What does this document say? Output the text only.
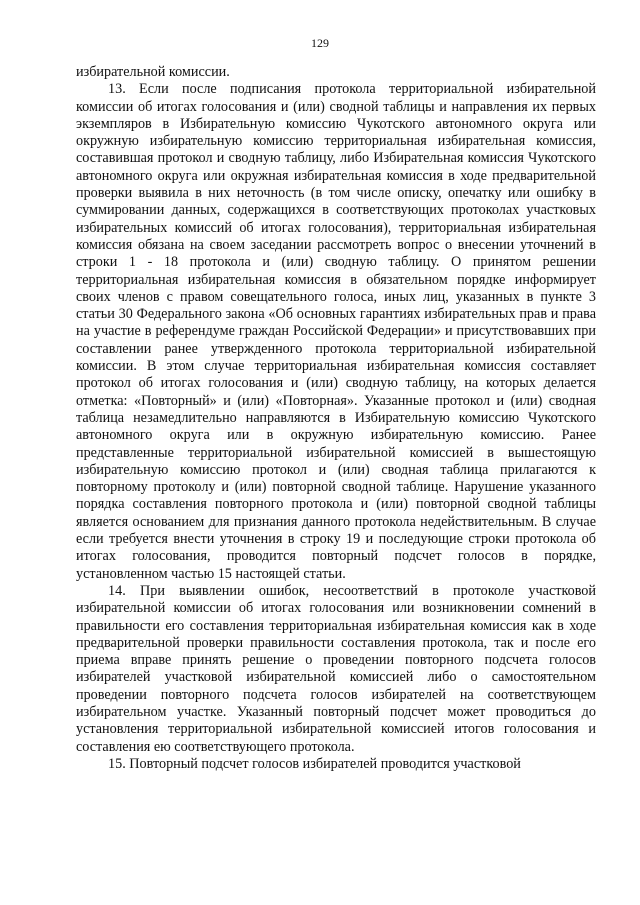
129

избирательной комиссии.

13. Если после подписания протокола территориальной избирательной комиссии об итогах голосования и (или) сводной таблицы и направления их первых экземпляров в Избирательную комиссию Чукотского автономного округа или окружную избирательную комиссию территориальная избирательная комиссия, составившая протокол и сводную таблицу, либо Избирательная комиссия Чукотского автономного округа или окружная избирательная комиссия в ходе предварительной проверки выявила в них неточность (в том числе описку, опечатку или ошибку в суммировании данных, содержащихся в соответствующих протоколах участковых избирательных комиссий об итогах голосования), территориальная избирательная комиссия обязана на своем заседании рассмотреть вопрос о внесении уточнений в строки 1 - 18 протокола и (или) сводную таблицу. О принятом решении территориальная избирательная комиссия в обязательном порядке информирует своих членов с правом совещательного голоса, иных лиц, указанных в пункте 3 статьи 30 Федерального закона «Об основных гарантиях избирательных прав и права на участие в референдуме граждан Российской Федерации» и присутствовавших при составлении ранее утвержденного протокола территориальной избирательной комиссии. В этом случае территориальная избирательная комиссия составляет протокол об итогах голосования и (или) сводную таблицу, на которых делается отметка: «Повторный» и (или) «Повторная». Указанные протокол и (или) сводная таблица незамедлительно направляются в Избирательную комиссию Чукотского автономного округа или в окружную избирательную комиссию. Ранее представленные территориальной избирательной комиссией в вышестоящую избирательную комиссию протокол и (или) сводная таблица прилагаются к повторному протоколу и (или) повторной сводной таблице. Нарушение указанного порядка составления повторного протокола и (или) повторной сводной таблицы является основанием для признания данного протокола недействительным. В случае если требуется внести уточнения в строку 19 и последующие строки протокола об итогах голосования, проводится повторный подсчет голосов в порядке, установленном частью 15 настоящей статьи.

14. При выявлении ошибок, несоответствий в протоколе участковой избирательной комиссии об итогах голосования или возникновении сомнений в правильности его составления территориальная избирательная комиссия как в ходе предварительной проверки правильности составления протокола, так и после его приема вправе принять решение о проведении повторного подсчета голосов избирателей участковой избирательной комиссией либо о самостоятельном проведении повторного подсчета голосов избирателей на соответствующем избирательном участке. Указанный повторный подсчет может проводиться до установления территориальной избирательной комиссией итогов голосования и составления ею соответствующего протокола.

15. Повторный подсчет голосов избирателей проводится участковой
